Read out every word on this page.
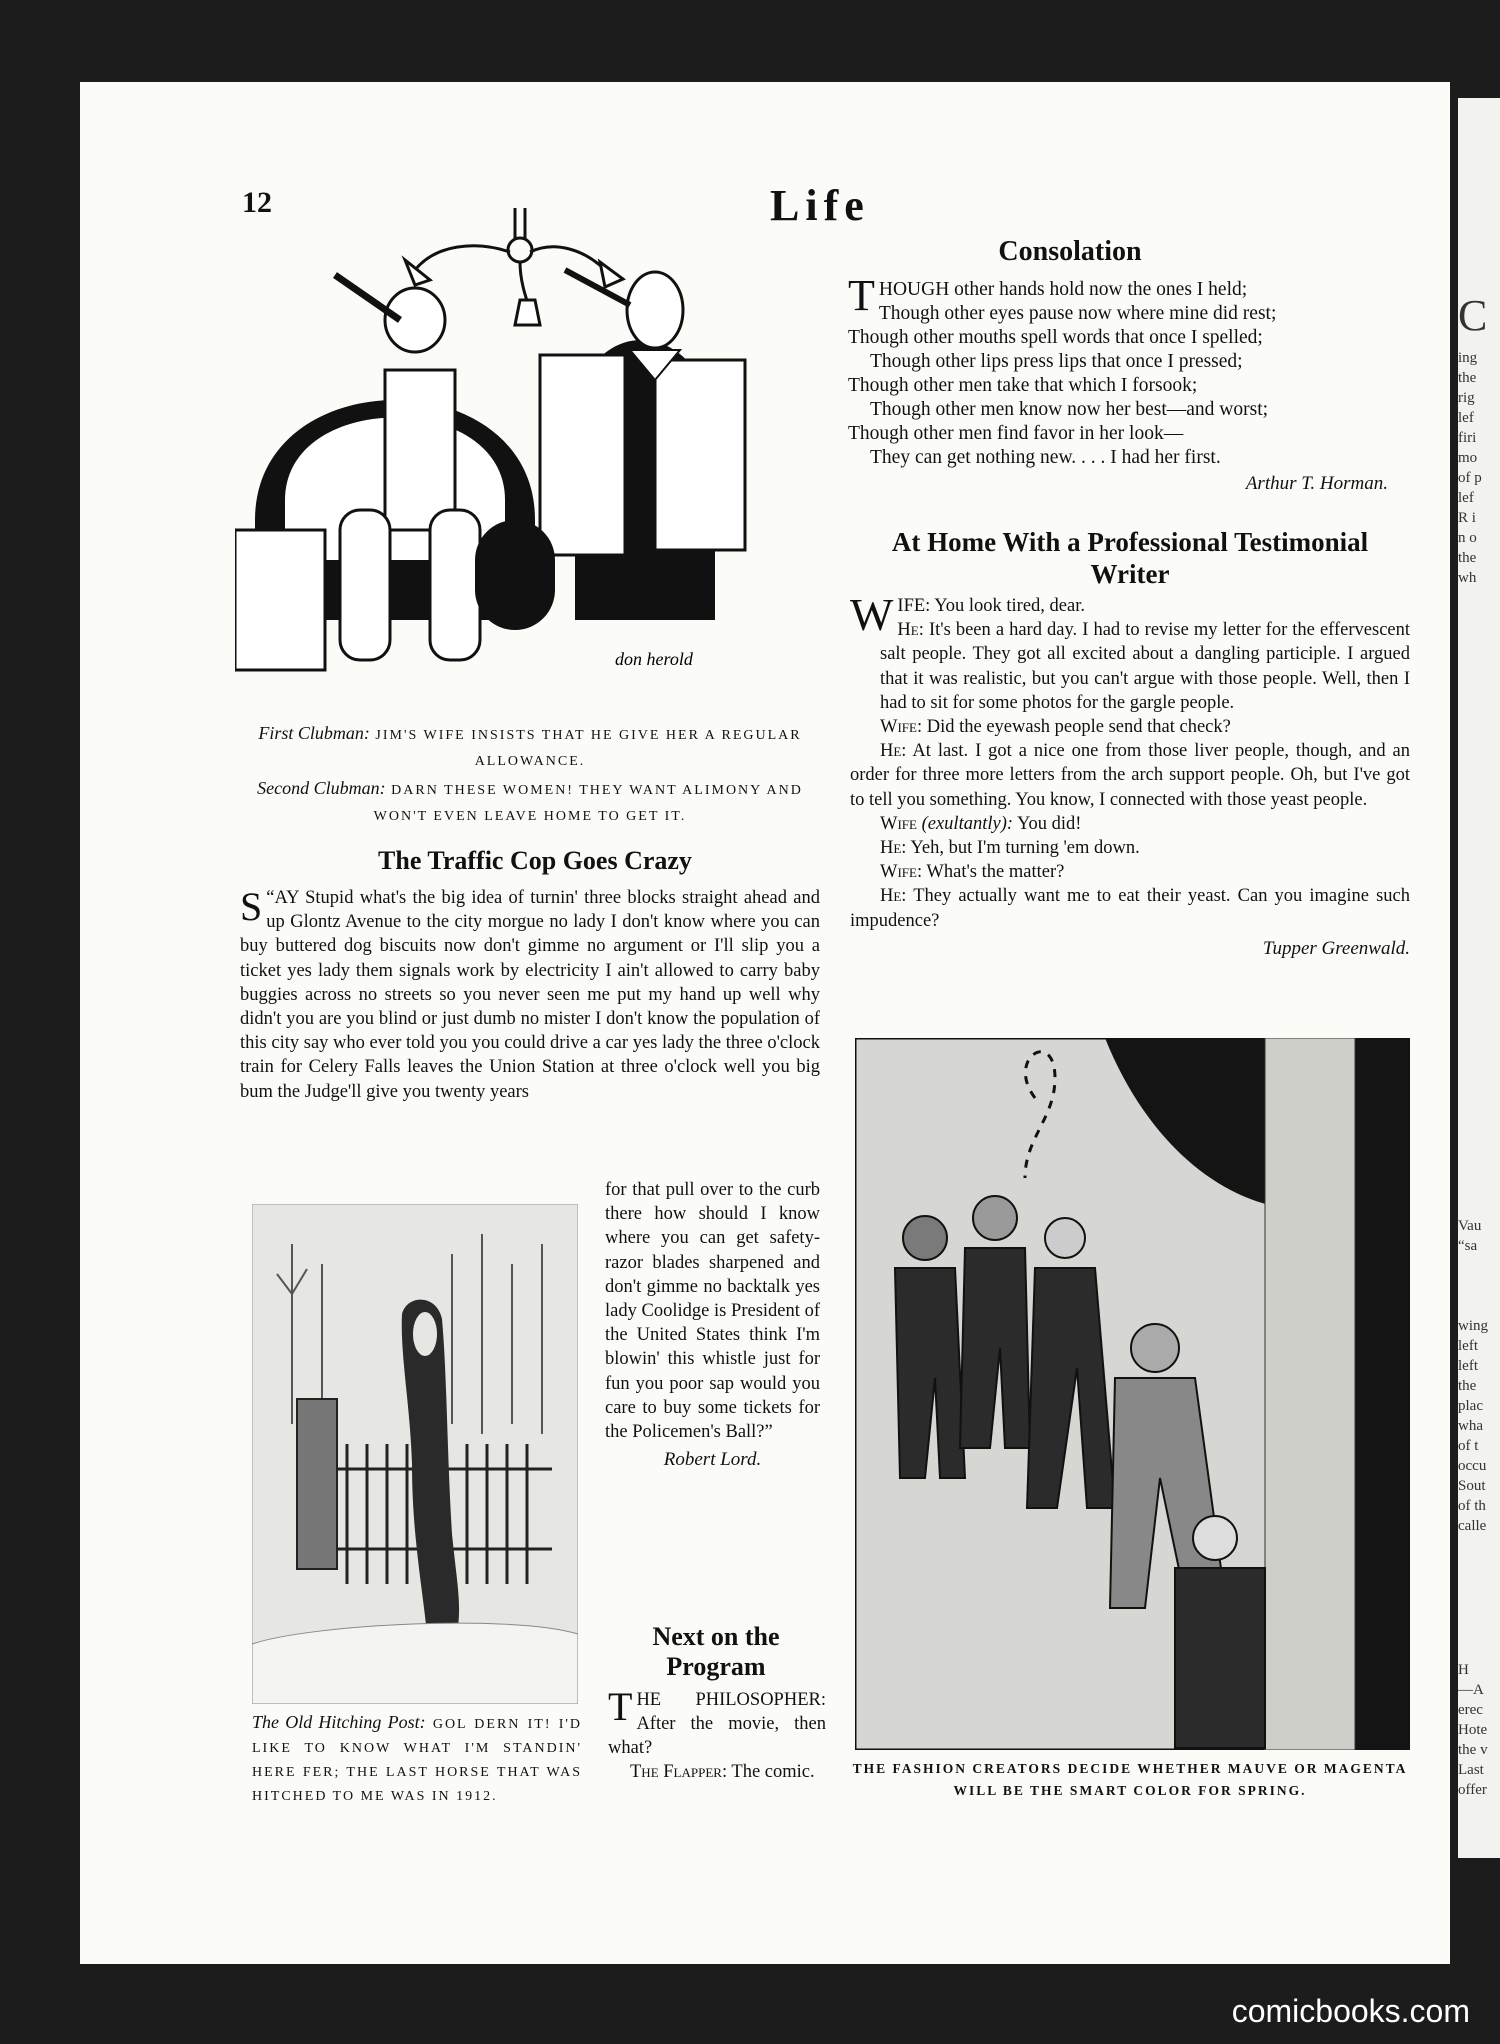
ing
the
rig
lef
firi
mo
of p
lef
R i
n o
the
wh
C
Vau
“sa
wing
left
left
the
plac
wha
of t
occu
Sout
of th
calle
H
—A
erec
Hote
the v
Last
offer
12	Life
don herold
First Clubman: JIM'S WIFE INSISTS THAT HE GIVE HER A REGULAR ALLOWANCE.
Second Clubman: DARN THESE WOMEN! THEY WANT ALIMONY AND WON'T EVEN LEAVE HOME TO GET IT.
Consolation
T HOUGH other hands hold now the ones I held;
Though other eyes pause now where mine did rest;
Though other mouths spell words that once I spelled;
Though other lips press lips that once I pressed;
Though other men take that which I forsook;
Though other men know now her best—and worst;
Though other men find favor in her look—
They can get nothing new. . . . I had her first.
Arthur T. Horman.
At Home With a Professional Testimonial
Writer

WIFE: You look tired, dear.

He: It's been a hard day. I had to revise my letter for the effervescent salt people. They got all excited about a dangling participle. I argued that it was realistic, but you can't argue with those people. Well, then I had to sit for some photos for the gargle people.

Wife: Did the eyewash people send that check?

He: At last. I got a nice one from those liver people, though, and an order for three more letters from the arch support people. Oh, but I've got to tell you something. You know, I connected with those yeast people.

Wife (exultantly): You did!

He: Yeh, but I'm turning 'em down.

Wife: What's the matter?

He: They actually want me to eat their yeast. Can you imagine such impudence?

Tupper Greenwald.
The Traffic Cop Goes Crazy
“
S AY Stupid what's the big idea of turnin' three blocks straight ahead and up Glontz Avenue to the city morgue no lady I don't know where you can buy buttered dog biscuits now don't gimme no argument or I'll slip you a ticket yes lady them signals work by electricity I ain't allowed to carry baby buggies across no streets so you never seen me put my hand up well why didn't you are you blind or just dumb no mister I don't know the population of this city say who ever told you you could drive a car yes lady the three o'clock train for Celery Falls leaves the Union Station at three o'clock well you big bum the Judge'll give you twenty years
for that pull over to the curb there how should I know where you can get safety-razor blades sharpened and don't gimme no backtalk yes lady Coolidge is President of the United States think I'm blowin' this whistle just for fun you poor sap would you care to buy some tickets for the Policemen's Ball?”
Robert Lord.
The Old Hitching Post: GOL DERN IT! I'D LIKE TO KNOW WHAT I'M STANDIN' HERE FER; THE LAST HORSE THAT WAS HITCHED TO ME WAS IN 1912.
Next on the
Program

THE PHILOSOPHER: After the movie, then what?

The Flapper: The comic.	THE FASHION CREATORS DECIDE WHETHER MAUVE OR MAGENTA WILL BE THE SMART COLOR FOR SPRING.
comicbooks.com
